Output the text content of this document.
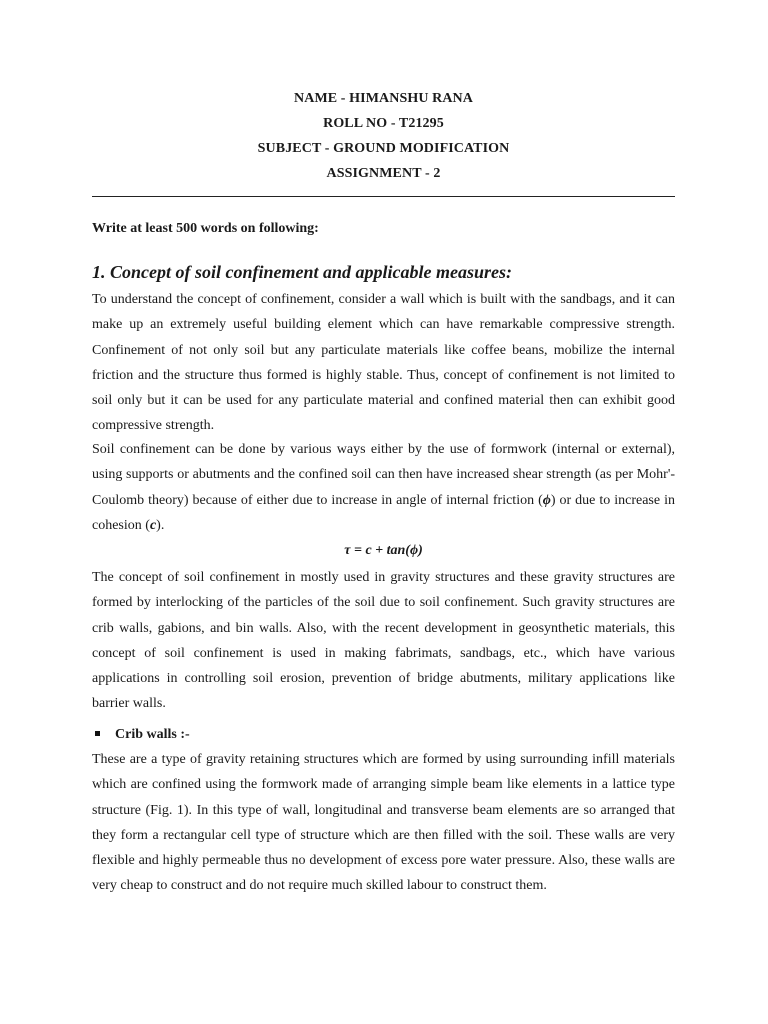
NAME - HIMANSHU RANA
ROLL NO - T21295
SUBJECT - GROUND MODIFICATION
ASSIGNMENT - 2
Write at least 500 words on following:
1. Concept of soil confinement and applicable measures:

To understand the concept of confinement, consider a wall which is built with the sandbags, and it can make up an extremely useful building element which can have remarkable compressive strength. Confinement of not only soil but any particulate materials like coffee beans, mobilize the internal friction and the structure thus formed is highly stable. Thus, concept of confinement is not limited to soil only but it can be used for any particulate material and confined material then can exhibit good compressive strength.

Soil confinement can be done by various ways either by the use of formwork (internal or external), using supports or abutments and the confined soil can then have increased shear strength (as per Mohr'-Coulomb theory) because of either due to increase in angle of internal friction (ϕ) or due to increase in cohesion (c).

τ = c + tan(ϕ)

The concept of soil confinement in mostly used in gravity structures and these gravity structures are formed by interlocking of the particles of the soil due to soil confinement. Such gravity structures are crib walls, gabions, and bin walls. Also, with the recent development in geosynthetic materials, this concept of soil confinement is used in making fabrimats, sandbags, etc., which have various applications in controlling soil erosion, prevention of bridge abutments, military applications like barrier walls.

Crib walls :-

These are a type of gravity retaining structures which are formed by using surrounding infill materials which are confined using the formwork made of arranging simple beam like elements in a lattice type structure (Fig. 1). In this type of wall, longitudinal and transverse beam elements are so arranged that they form a rectangular cell type of structure which are then filled with the soil. These walls are very flexible and highly permeable thus no development of excess pore water pressure. Also, these walls are very cheap to construct and do not require much skilled labour to construct them.
